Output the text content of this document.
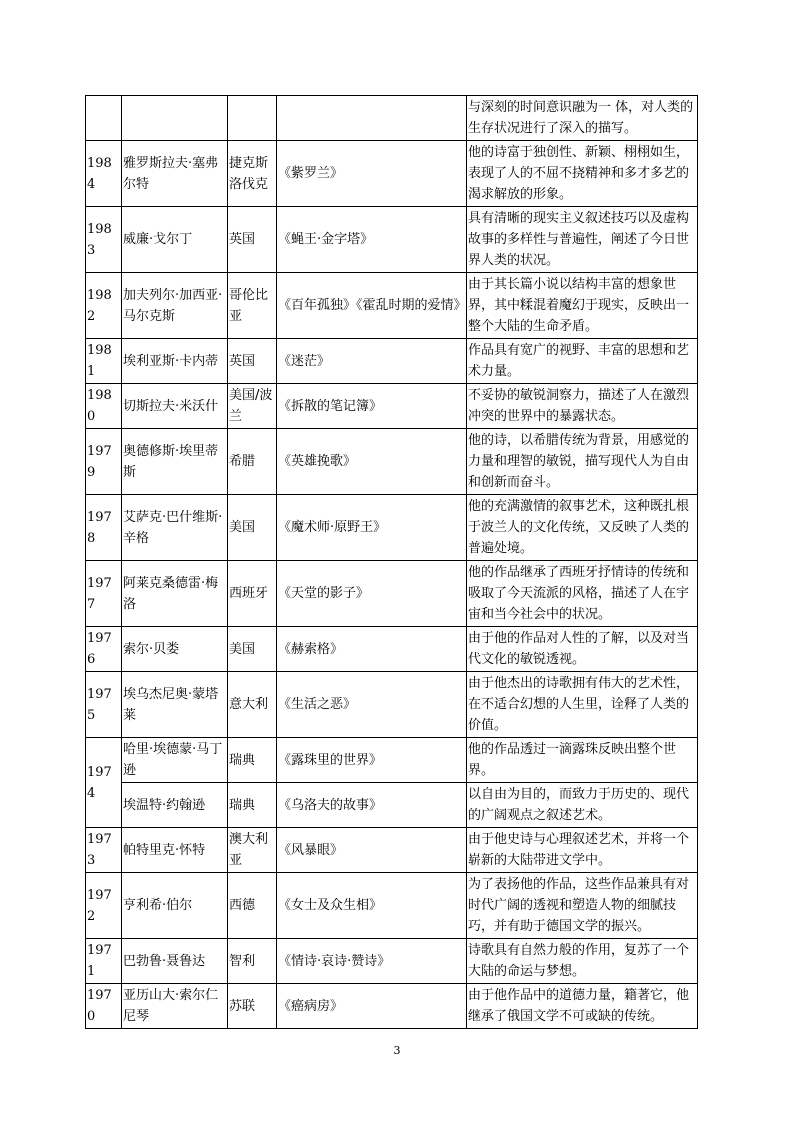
				与深刻的时间意识融为一 体，对人类的生存状况进行了深入的描写。
1984	雅罗斯拉夫·塞弗尔特	捷克斯洛伐克	《紫罗兰》	他的诗富于独创性、新颖、栩栩如生，表现了人的不屈不挠精神和多才多艺的渴求解放的形象。
1983	威廉·戈尔丁	英国	《蝇王·金字塔》	具有清晰的现实主义叙述技巧以及虚构故事的多样性与普遍性，阐述了今日世界人类的状况。
1982	加夫列尔·加西亚·马尔克斯	哥伦比亚	《百年孤独》《霍乱时期的爱情》	由于其长篇小说以结构丰富的想象世界，其中糅混着魔幻于现实，反映出一整个大陆的生命矛盾。
1981	埃利亚斯·卡内蒂	英国	《迷茫》	作品具有宽广的视野、丰富的思想和艺术力量。
1980	切斯拉夫·米沃什	美国/波兰	《拆散的笔记簿》	不妥协的敏锐洞察力，描述了人在激烈冲突的世界中的暴露状态。
1979	奥德修斯·埃里蒂斯	希腊	《英雄挽歌》	他的诗，以希腊传统为背景，用感觉的力量和理智的敏锐，描写现代人为自由和创新而奋斗。
1978	艾萨克·巴什维斯·辛格	美国	《魔术师·原野王》	他的充满激情的叙事艺术，这种既扎根于波兰人的文化传统，又反映了人类的普遍处境。
1977	阿莱克桑德雷·梅洛	西班牙	《天堂的影子》	他的作品继承了西班牙抒情诗的传统和吸取了今天流派的风格，描述了人在宇宙和当今社会中的状况。
1976	索尔·贝娄	美国	《赫索格》	由于他的作品对人性的了解，以及对当代文化的敏锐透视。
1975	埃乌杰尼奥·蒙塔莱	意大利	《生活之恶》	由于他杰出的诗歌拥有伟大的艺术性，在不适合幻想的人生里，诠释了人类的价值。
1974	哈里·埃德蒙·马丁逊	瑞典	《露珠里的世界》	他的作品透过一滴露珠反映出整个世界。
	埃温特·约翰逊	瑞典	《乌洛夫的故事》	以自由为目的，而致力于历史的、现代的广阔观点之叙述艺术。
1973	帕特里克·怀特	澳大利亚	《风暴眼》	由于他史诗与心理叙述艺术，并将一个崭新的大陆带进文学中。
1972	亨利希·伯尔	西德	《女士及众生相》	为了表扬他的作品，这些作品兼具有对时代广阔的透视和塑造人物的细腻技巧，并有助于德国文学的振兴。
1971	巴勃鲁·聂鲁达	智利	《情诗·哀诗·赞诗》	诗歌具有自然力般的作用，复苏了一个大陆的命运与梦想。
1970	亚历山大·索尔仁尼琴	苏联	《癌病房》	由于他作品中的道德力量，籍著它，他继承了俄国文学不可或缺的传统。
3
